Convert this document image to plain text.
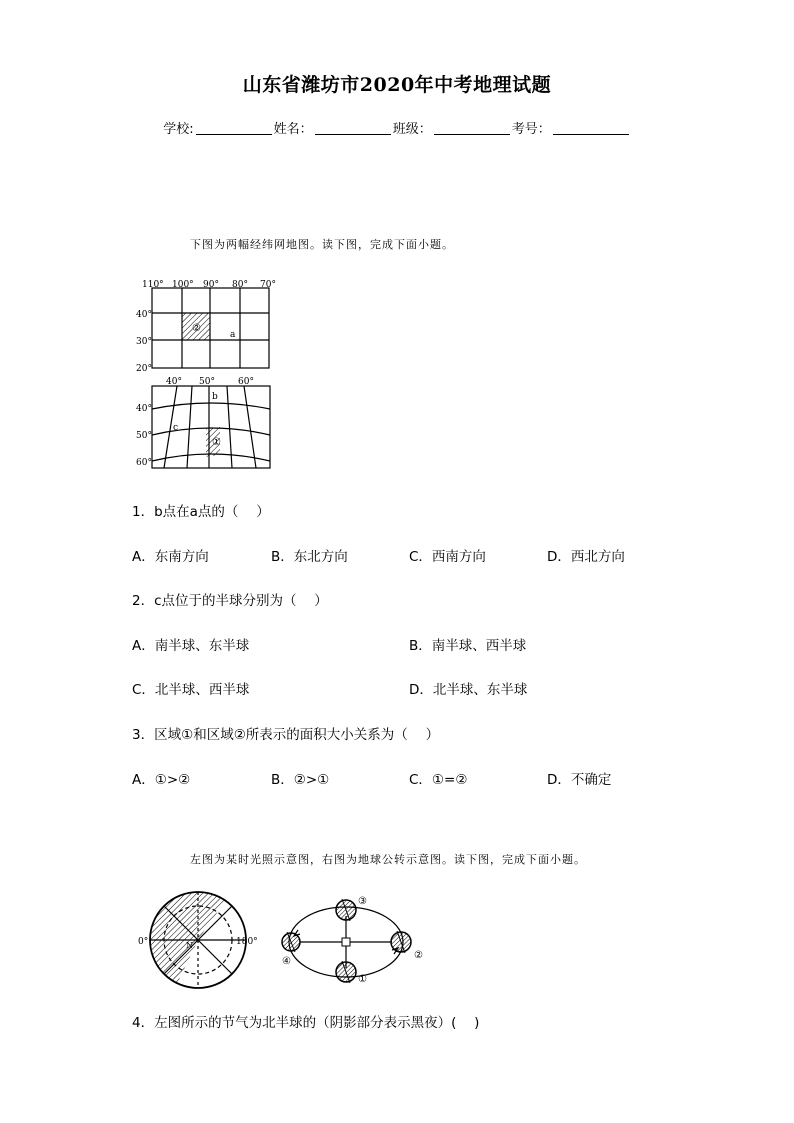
山东省潍坊市2020年中考地理试题
学校:	姓名：	班级：	考号：
下图为两幅经纬网地图。读下图，完成下面小题。
110° 100° 90° 80° 70°
40°
30°
20°
②
a
40° 50°	60°
40°
50°
60°
b
c
①
1．b点在a点的（　 ）
A．东南方向	B．东北方向	C．西南方向	D．西北方向
2．c点位于的半球分别为（　 ）
A．南半球、东半球	B．南半球、西半球
C．北半球、西半球	D．北半球、东半球
3．区域①和区域②所表示的面积大小关系为（　 ）
A．①>②	B．②>①	C．①=②	D．不确定
左图为某时光照示意图，右图为地球公转示意图。读下图，完成下面小题。
0°	180°
N
③
②
①
④
4．左图所示的节气为北半球的（阴影部分表示黑夜）(　 )
